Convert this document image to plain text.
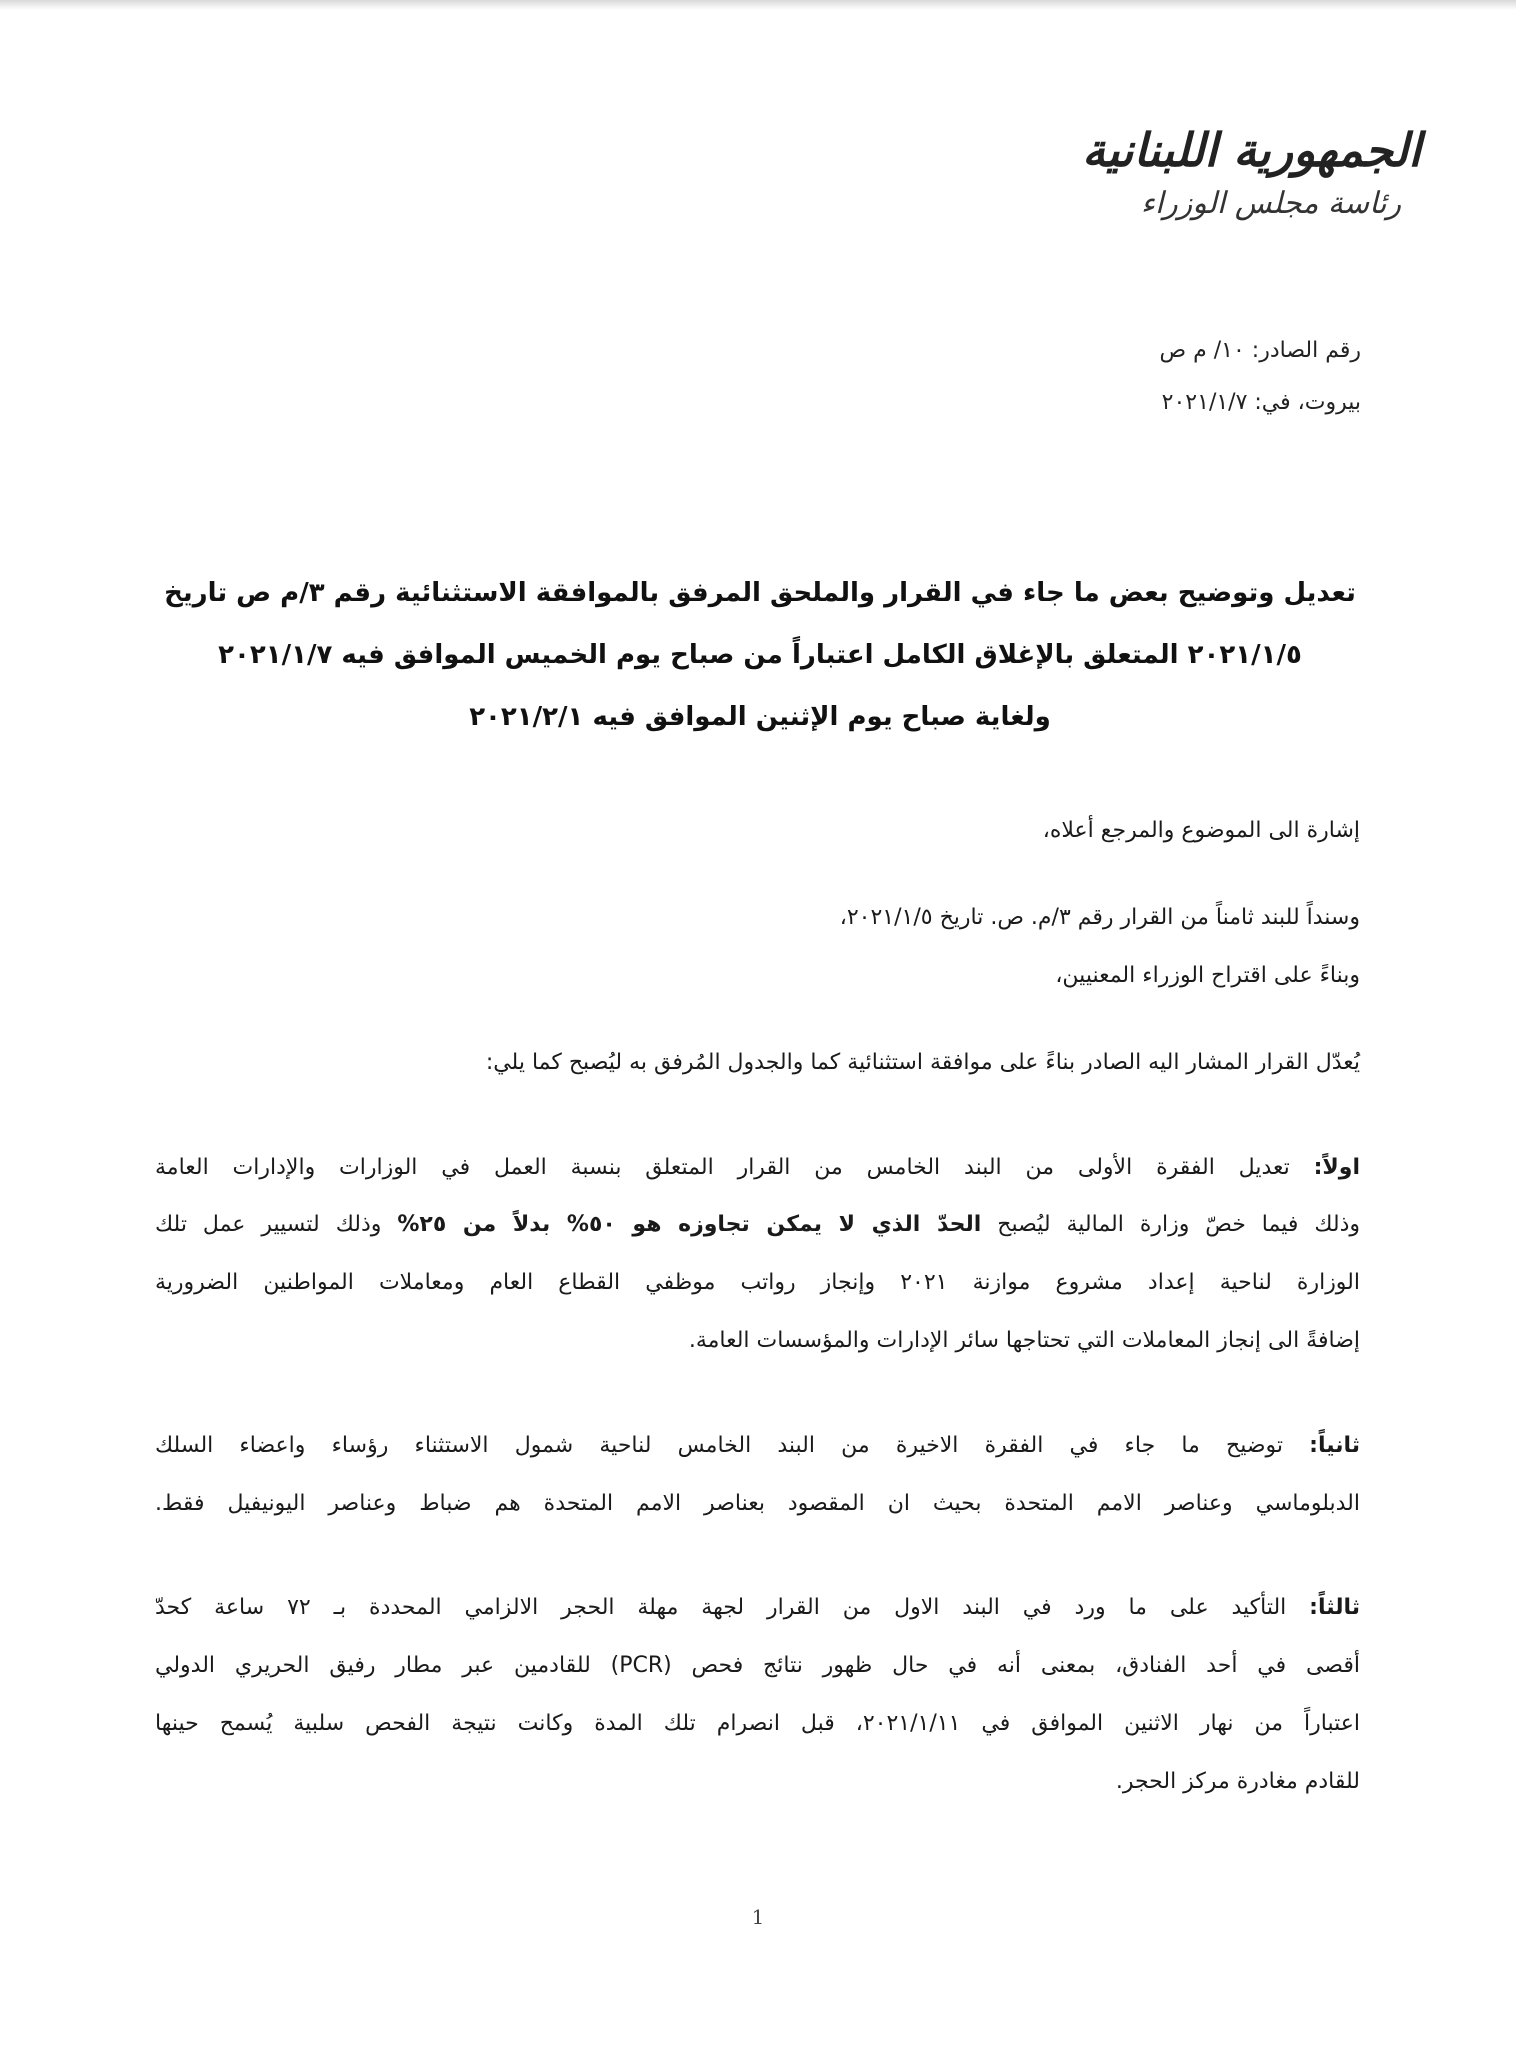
الجمهورية اللبنانية
رئاسة مجلس الوزراء
رقم الصادر: ١٠/ م ص
بيروت، في: ٢٠٢١/١/٧
تعديل وتوضيح بعض ما جاء في القرار والملحق المرفق بالموافقة الاستثنائية رقم ٣/م ص تاريخ
٢٠٢١/١/٥ المتعلق بالإغلاق الكامل اعتباراً من صباح يوم الخميس الموافق فيه ٢٠٢١/١/٧
ولغاية صباح يوم الإثنين الموافق فيه ٢٠٢١/٢/١
إشارة الى الموضوع والمرجع أعلاه،
وسنداً للبند ثامناً من القرار رقم ٣/م. ص. تاريخ ٢٠٢١/١/٥،
وبناءً على اقتراح الوزراء المعنيين،
يُعدّل القرار المشار اليه الصادر بناءً على موافقة استثنائية كما والجدول المُرفق به ليُصبح كما يلي:
اولاً: تعديل الفقرة الأولى من البند الخامس من القرار المتعلق بنسبة العمل في الوزارات والإدارات العامة
وذلك فيما خصّ وزارة المالية ليُصبح الحدّ الذي لا يمكن تجاوزه هو ٥٠% بدلاً من ٢٥% وذلك لتسيير عمل تلك
الوزارة لناحية إعداد مشروع موازنة ٢٠٢١ وإنجاز رواتب موظفي القطاع العام ومعاملات المواطنين الضرورية
إضافةً الى إنجاز المعاملات التي تحتاجها سائر الإدارات والمؤسسات العامة.
ثانياً: توضيح ما جاء في الفقرة الاخيرة من البند الخامس لناحية شمول الاستثناء رؤساء واعضاء السلك
الدبلوماسي وعناصر الامم المتحدة بحيث ان المقصود بعناصر الامم المتحدة هم ضباط وعناصر اليونيفيل فقط.
ثالثاً: التأكيد على ما ورد في البند الاول من القرار لجهة مهلة الحجر الالزامي المحددة بـ ٧٢ ساعة كحدّ
أقصى في أحد الفنادق، بمعنى أنه في حال ظهور نتائج فحص (PCR) للقادمين عبر مطار رفيق الحريري الدولي
اعتباراً من نهار الاثنين الموافق في ٢٠٢١/١/١١، قبل انصرام تلك المدة وكانت نتيجة الفحص سلبية يُسمح حينها
للقادم مغادرة مركز الحجر.
1
